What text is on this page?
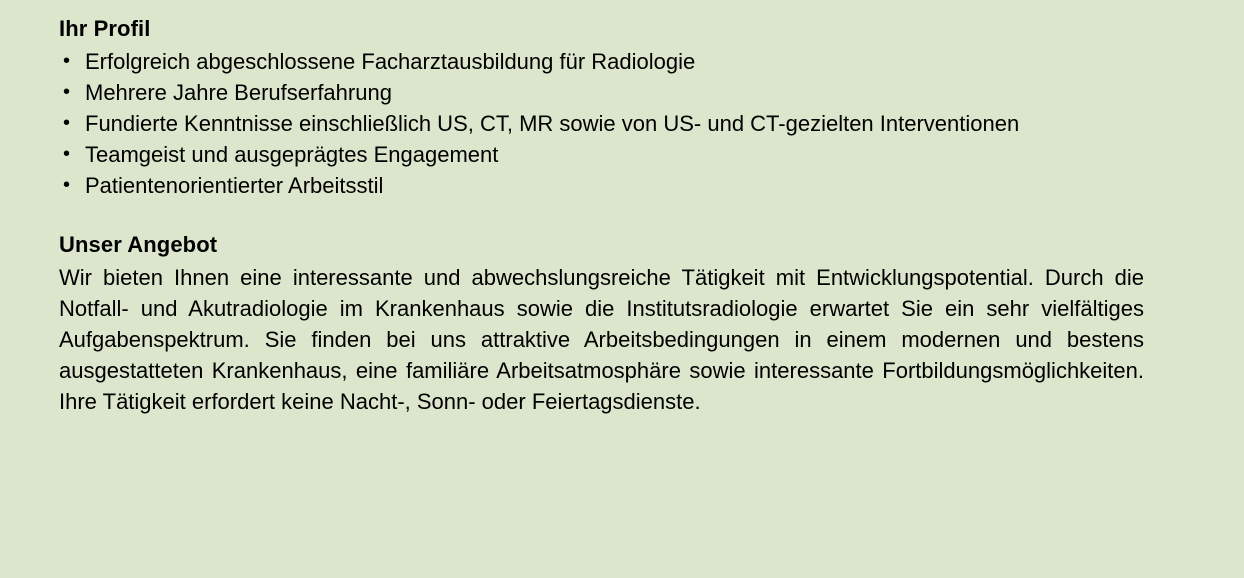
Ihr Profil
• Erfolgreich abgeschlossene Facharztausbildung für Radiologie
• Mehrere Jahre Berufserfahrung
• Fundierte Kenntnisse einschließlich US, CT, MR sowie von US- und CT-gezielten Interventionen
• Teamgeist und ausgeprägtes Engagement
• Patientenorientierter Arbeitsstil
Unser Angebot

Wir bieten Ihnen eine interessante und abwechslungsreiche Tätigkeit mit Entwicklungspotential. Durch die Notfall- und Akutradiologie im Krankenhaus sowie die Institutsradiologie erwartet Sie ein sehr vielfältiges Aufgabenspektrum. Sie finden bei uns attraktive Arbeitsbedingungen in einem modernen und bestens ausgestatteten Krankenhaus, eine familiäre Arbeitsatmosphäre sowie interessante Fortbildungsmöglichkeiten. Ihre Tätigkeit erfordert keine Nacht-, Sonn- oder Feiertagsdienste.
